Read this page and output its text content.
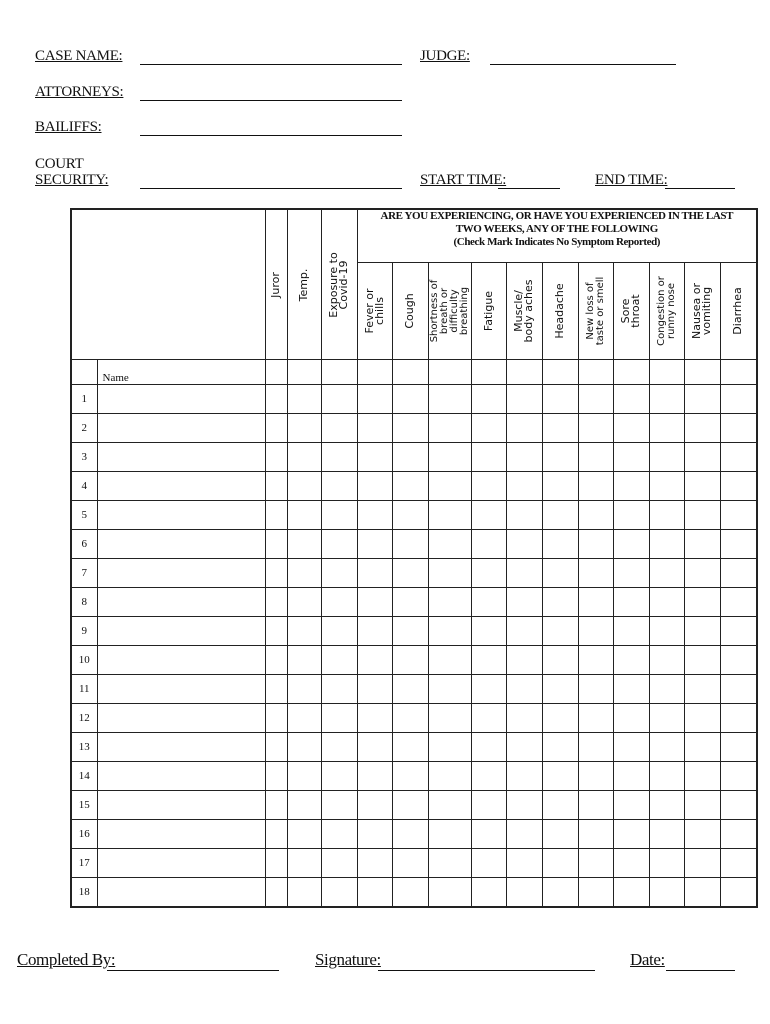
CASE NAME:	JUDGE:
ATTORNEYS:
BAILIFFS:
COURT
SECURITY:	START TIME:	END TIME:

		Juror	Temp.	Exposure to Covid-19	ARE YOU EXPERIENCING, OR HAVE YOU EXPERIENCED IN THE LAST
TWO WEEKS, ANY OF THE FOLLOWING
(Check Mark Indicates No Symptom Reported)										

					Fever or chills	Cough	Shortness of breath or difficulty breathing	Fatigue	Muscle/ body aches	Headache	New loss of taste or smell	Sore throat	Congestion or runny nose	Nausea or vomiting	Diarrhea

	Name														
1															
2															
3															
4															
5															
6															
7															
8															
9															
10															
11															
12															
13															
14															
15															
16															
17															
18															
Completed By:	Signature:	Date:
